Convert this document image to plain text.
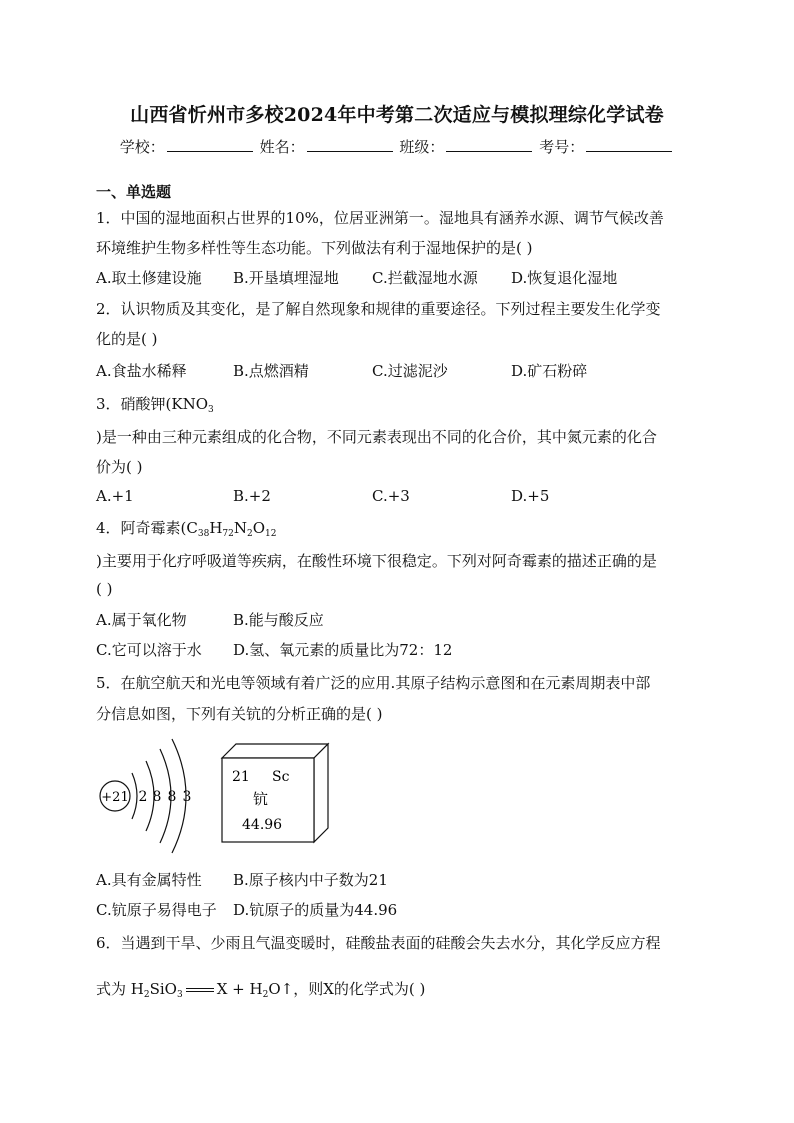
山西省忻州市多校2024年中考第二次适应与模拟理综化学试卷
学校：	姓名：	班级：	考号：
一、单选题
1．中国的湿地面积占世界的10%，位居亚洲第一。湿地具有涵养水源、调节气候改善
环境维护生物多样性等生态功能。下列做法有利于湿地保护的是( )
A.取土修建设施 B.开垦填埋湿地 C.拦截湿地水源 D.恢复退化湿地
2．认识物质及其变化，是了解自然现象和规律的重要途径。下列过程主要发生化学变
化的是( )
A.食盐水稀释	B.点燃酒精	C.过滤泥沙	D.矿石粉碎
3．硝酸钾($KNO_3$
)是一种由三种元素组成的化合物，不同元素表现出不同的化合价，其中氮元素的化合
价为( )
A.+1	B.+2	C.+3	D.+5
4．阿奇霉素($C_{38}H_{72}N_2O_{12}$
)主要用于化疗呼吸道等疾病，在酸性环境下很稳定。下列对阿奇霉素的描述正确的是
( )
A.属于氧化物	B.能与酸反应
C.它可以溶于水 D.氢、氧元素的质量比为72：12
5．在航空航天和光电等领域有着广泛的应用.其原子结构示意图和在元素周期表中部
分信息如图，下列有关钪的分析正确的是( )
+21 2 8 8 3
21 Sc
钪
44.96
A.具有金属特性 B.原子核内中子数为21
C.钪原子易得电子 D.钪原子的质量为44.96
6．当遇到干旱、少雨且气温变暖时，硅酸盐表面的硅酸会失去水分，其化学反应方程
式为 $H_2SiO_3$ $X + H_2O↑$，则X的化学式为( )
